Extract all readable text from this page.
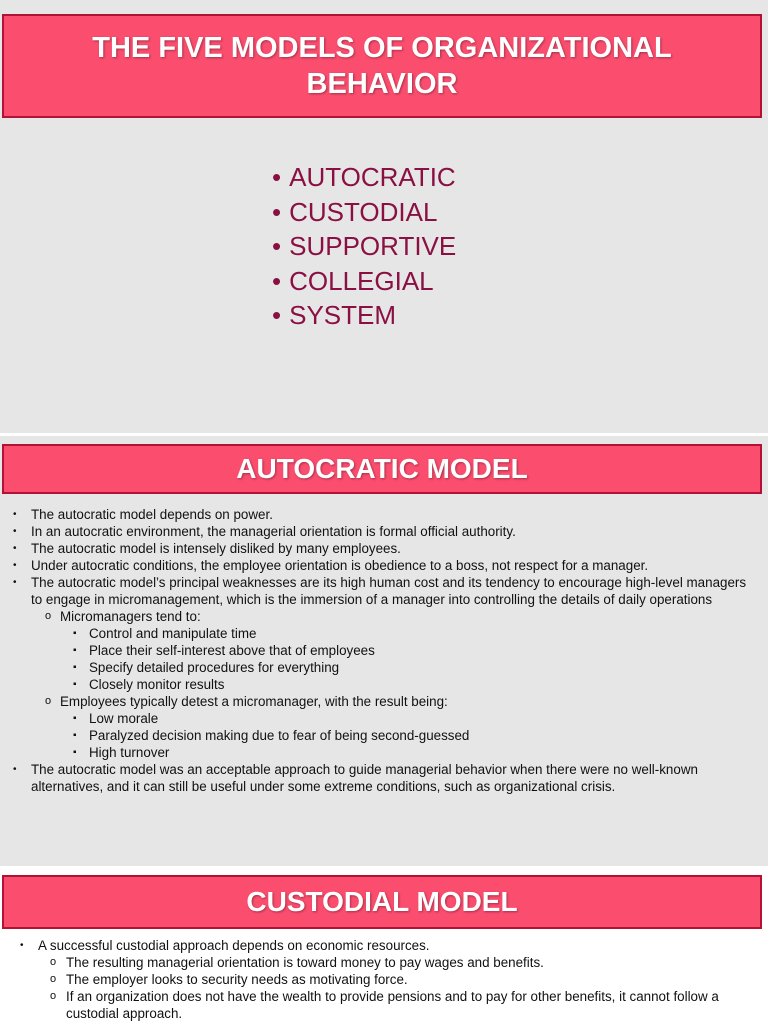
THE FIVE MODELS OF ORGANIZATIONAL
BEHAVIOR
• AUTOCRATIC
• CUSTODIAL
• SUPPORTIVE
• COLLEGIAL
• SYSTEM
AUTOCRATIC MODEL
• The autocratic model depends on power.
• In an autocratic environment, the managerial orientation is formal official authority.
• The autocratic model is intensely disliked by many employees.
• Under autocratic conditions, the employee orientation is obedience to a boss, not respect for a manager.
• The autocratic model’s principal weaknesses are its high human cost and its tendency to encourage high-level managers to engage in micromanagement, which is the immersion of a manager into controlling the details of daily operations
o Micromanagers tend to:
▪ Control and manipulate time
▪ Place their self-interest above that of employees
▪ Specify detailed procedures for everything
▪ Closely monitor results
o Employees typically detest a micromanager, with the result being:
▪ Low morale
▪ Paralyzed decision making due to fear of being second-guessed
▪ High turnover
• The autocratic model was an acceptable approach to guide managerial behavior when there were no well-known alternatives, and it can still be useful under some extreme conditions, such as organizational crisis.
CUSTODIAL MODEL
• A successful custodial approach depends on economic resources.
o The resulting managerial orientation is toward money to pay wages and benefits.
o The employer looks to security needs as motivating force.
o If an organization does not have the wealth to provide pensions and to pay for other benefits, it cannot follow a custodial approach.
